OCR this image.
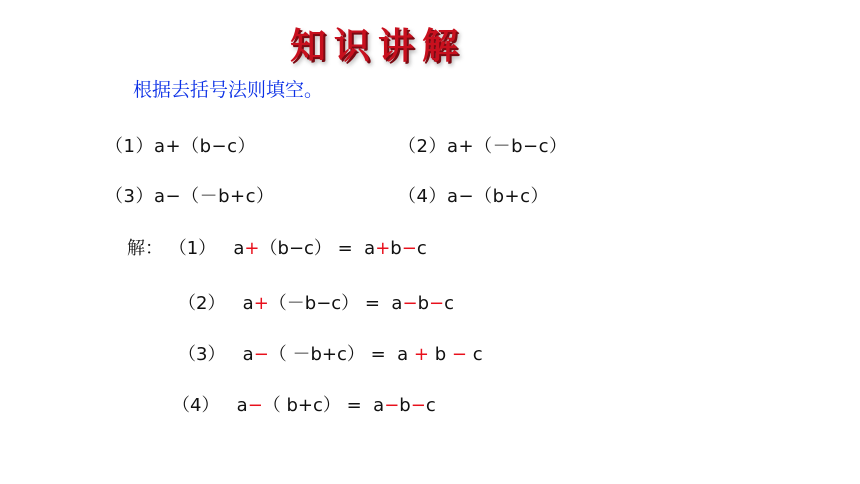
知识讲解
根据去括号法则填空。
（1）a+（b−c）	（2）a+（－b−c）
（3）a−（－b+c）	（4）a−（b+c）
解： （1） a+（b−c） =  a+b−c
（2） a+（－b−c） =  a−b−c
（3） a−（ －b+c） =  a + b − c
（4） a−（ b+c） =  a−b−c
